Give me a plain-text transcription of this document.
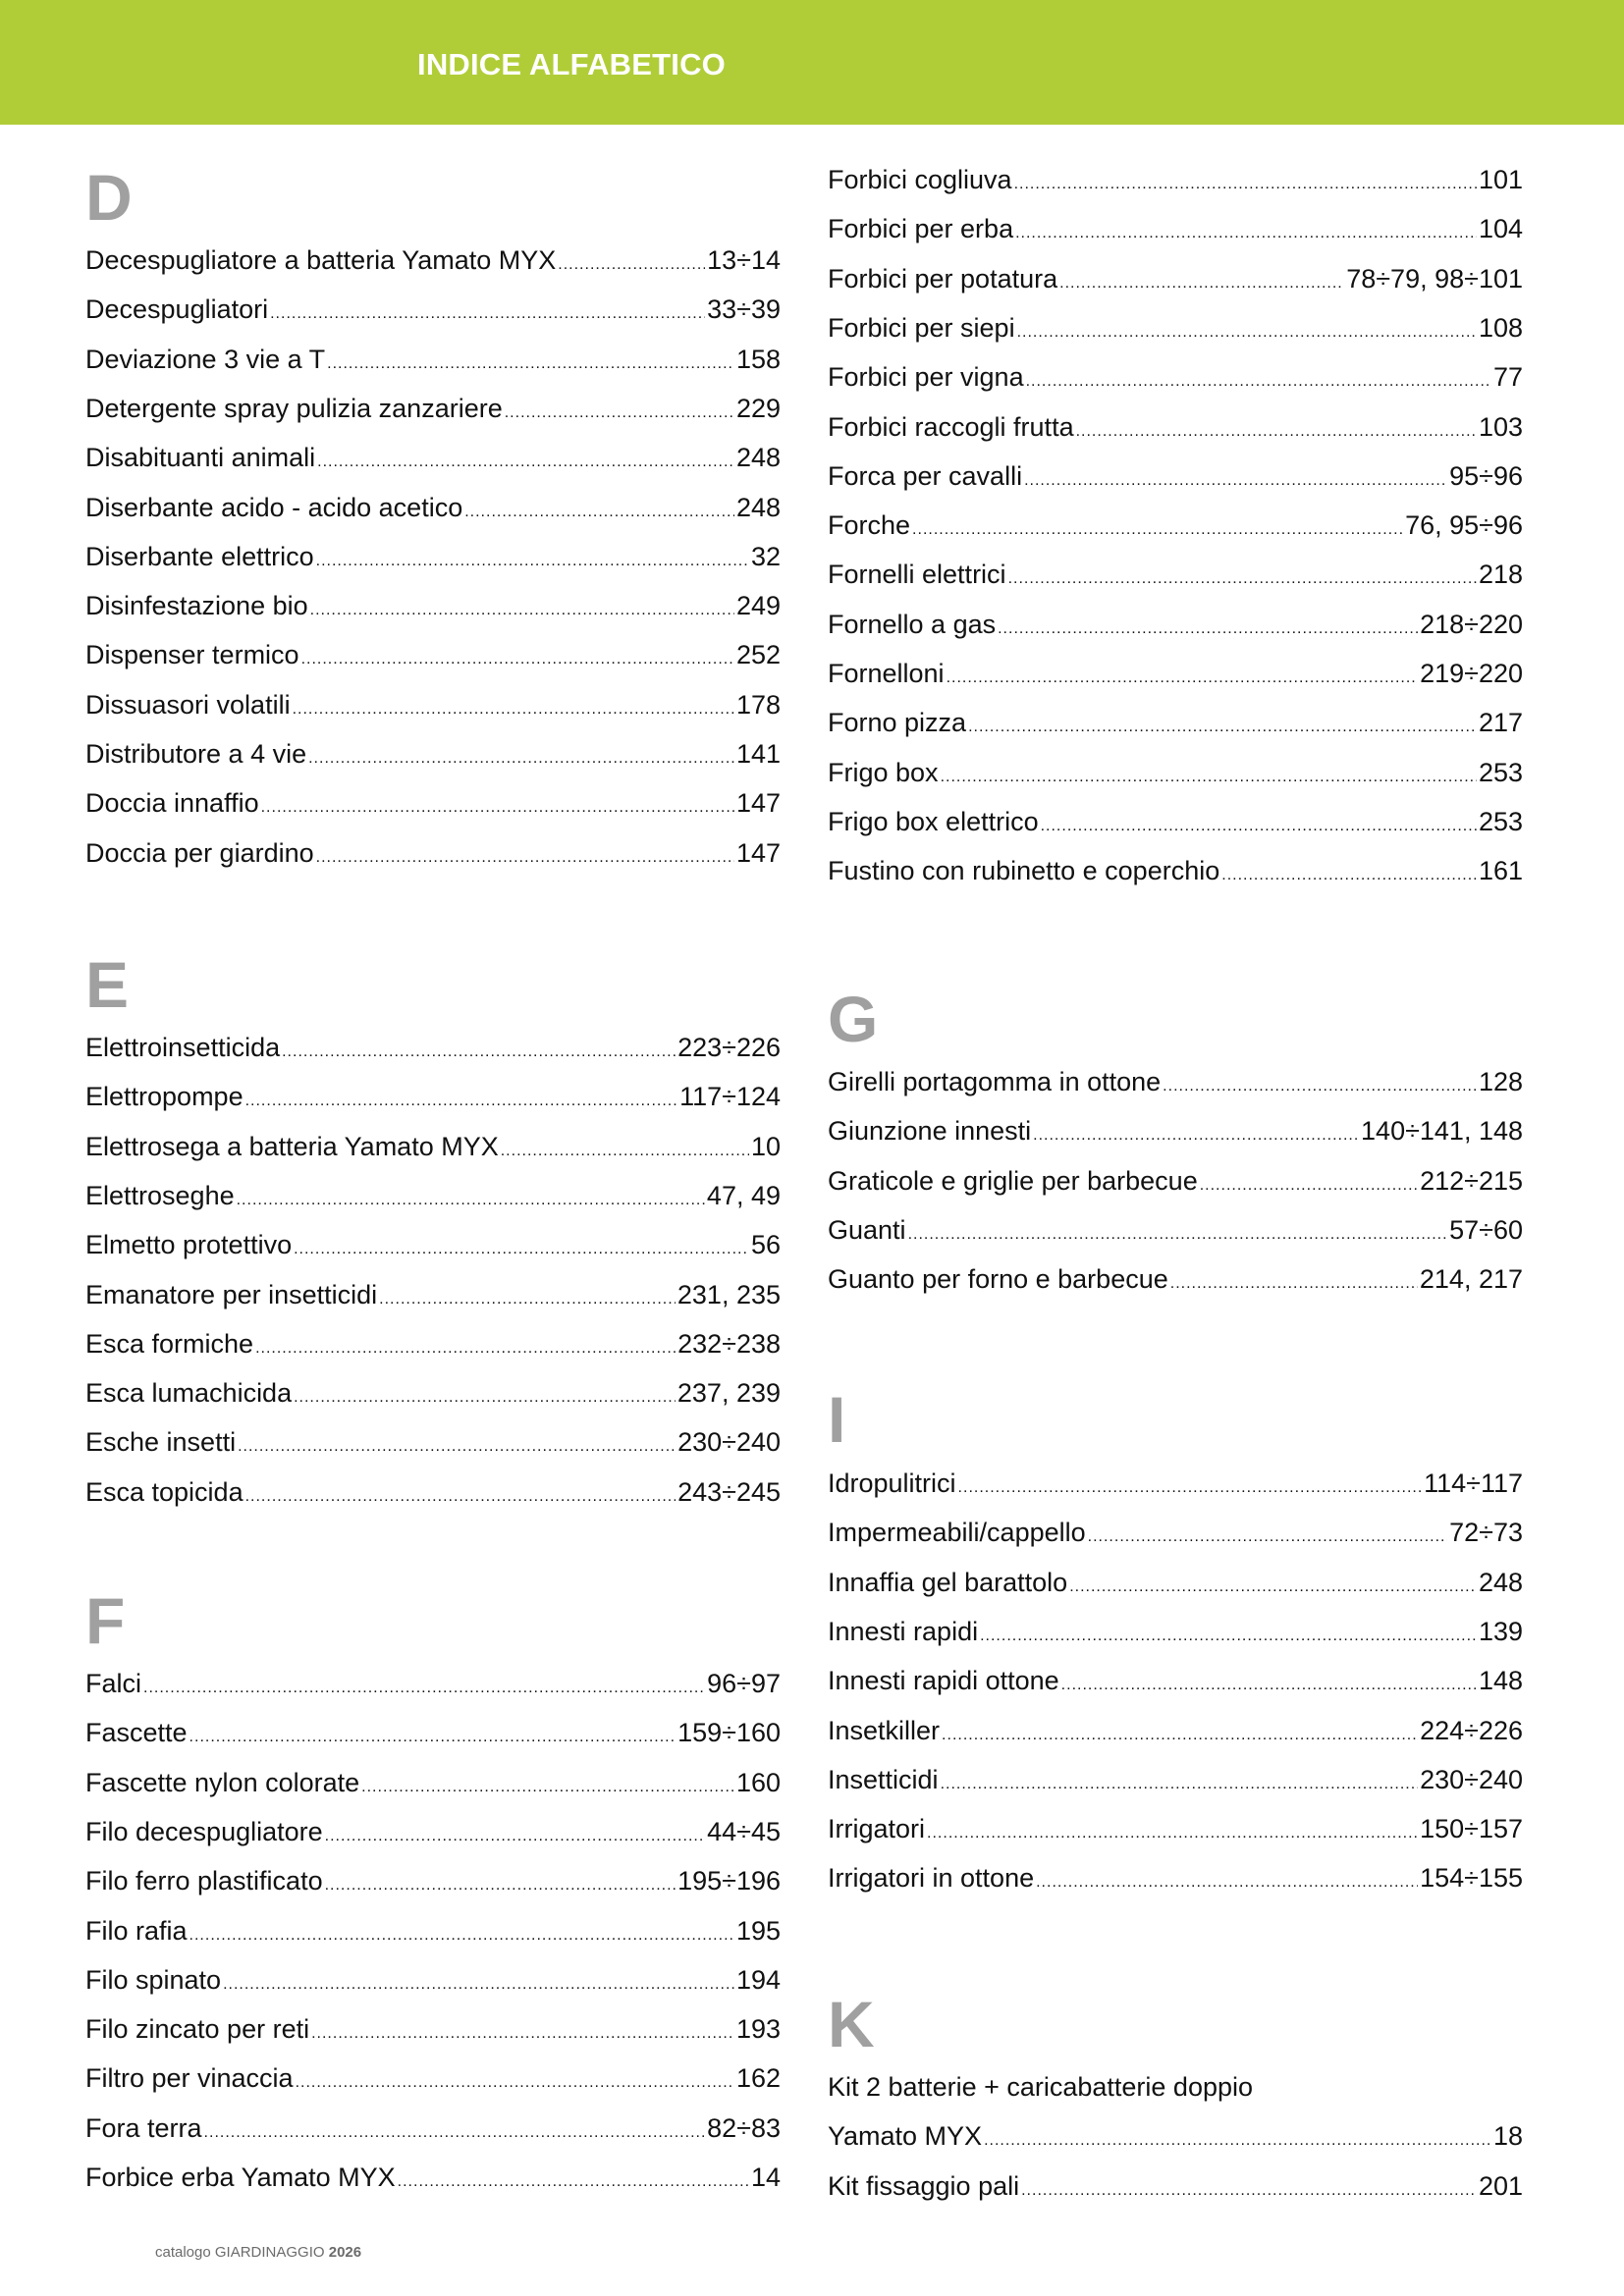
INDICE ALFABETICO
D
Decespugliatore a batteria Yamato MYX .....	13÷14
Decespugliatori .....	33÷39
Deviazione 3 vie a T .....	158
Detergente spray pulizia zanzariere .....	229
Disabituanti animali .....	248
Diserbante acido - acido acetico .....	248
Diserbante elettrico .....	32
Disinfestazione bio .....	249
Dispenser termico .....	252
Dissuasori volatili .....	178
Distributore a 4 vie .....	141
Doccia innaffio .....	147
Doccia per giardino .....	147
E
Elettroinsetticida .....	223÷226
Elettropompe .....	117÷124
Elettrosega a batteria Yamato MYX .....	10
Elettroseghe .....	47, 49
Elmetto protettivo .....	56
Emanatore per insetticidi .....	231, 235
Esca formiche .....	232÷238
Esca lumachicida .....	237, 239
Esche insetti .....	230÷240
Esca topicida .....	243÷245
F
Falci .....	96÷97
Fascette .....	159÷160
Fascette nylon colorate .....	160
Filo decespugliatore .....	44÷45
Filo ferro plastificato .....	195÷196
Filo rafia .....	195
Filo spinato .....	194
Filo zincato per reti .....	193
Filtro per vinaccia .....	162
Fora terra .....	82÷83
Forbice erba Yamato MYX .....	14
Forbici cogliuva .....	101
Forbici per erba .....	104
Forbici per potatura .....	78÷79, 98÷101
Forbici per siepi .....	108
Forbici per vigna .....	77
Forbici raccogli frutta .....	103
Forca per cavalli .....	95÷96
Forche .....	76, 95÷96
Fornelli elettrici .....	218
Fornello a gas .....	218÷220
Fornelloni .....	219÷220
Forno pizza .....	217
Frigo box .....	253
Frigo box elettrico .....	253
Fustino con rubinetto e coperchio .....	161
G
Girelli portagomma in ottone .....	128
Giunzione innesti .....	140÷141, 148
Graticole e griglie per barbecue .....	212÷215
Guanti .....	57÷60
Guanto per forno e barbecue .....	214, 217
I
Idropulitrici .....	114÷117
Impermeabili/cappello .....	72÷73
Innaffia gel barattolo .....	248
Innesti rapidi .....	139
Innesti rapidi ottone .....	148
Insetkiller .....	224÷226
Insetticidi .....	230÷240
Irrigatori .....	150÷157
Irrigatori in ottone .....	154÷155
K
Kit 2 batterie + caricabatterie doppio
Yamato MYX .....	18
Kit fissaggio pali .....	201
catalogo GIARDINAGGIO 2026
